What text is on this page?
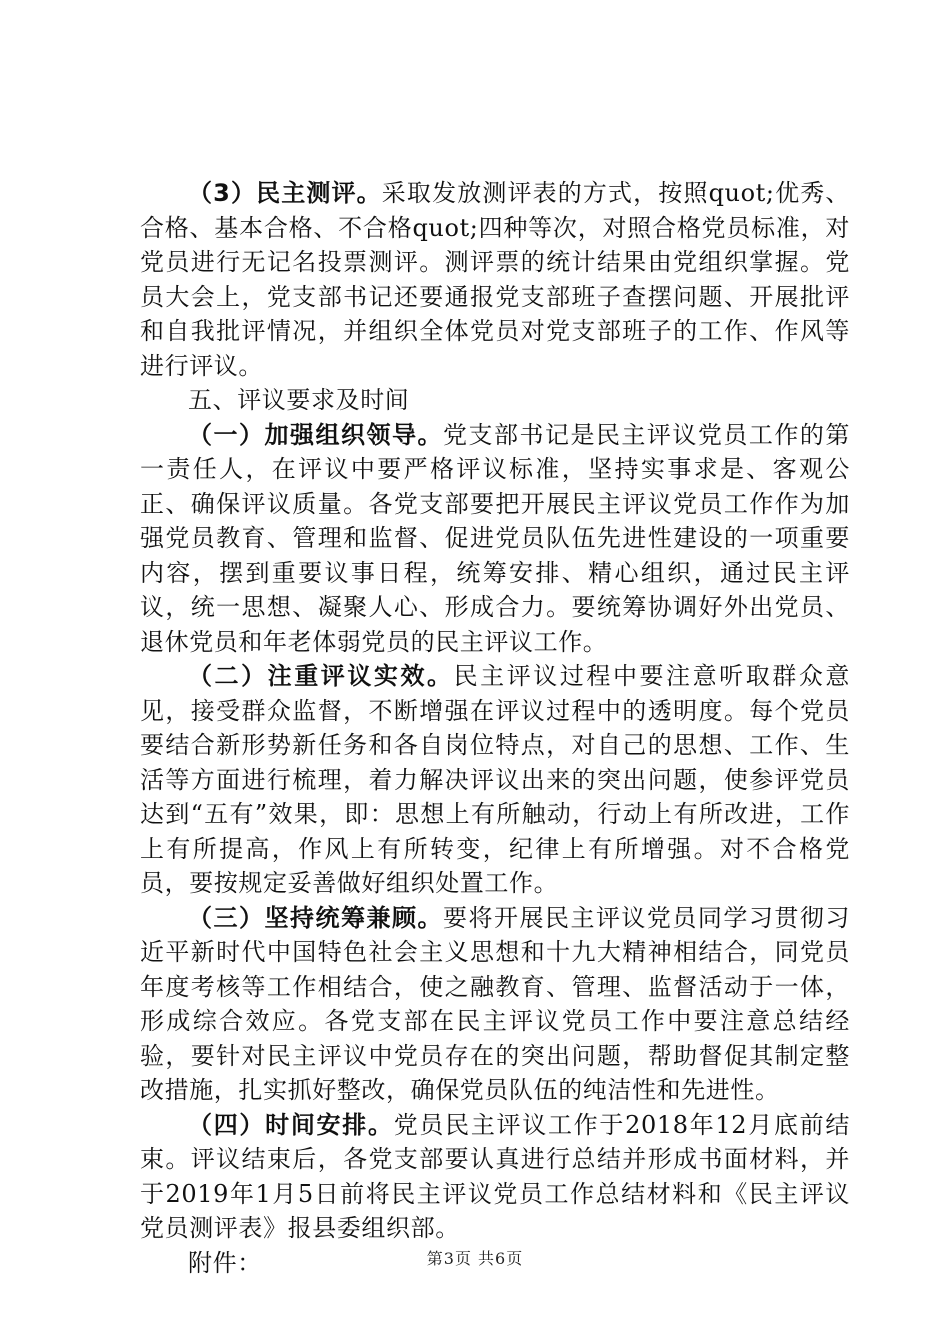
（3）民主测评。采取发放测评表的方式，按照quot;优秀、合格、基本合格、不合格quot;四种等次，对照合格党员标准，对党员进行无记名投票测评。测评票的统计结果由党组织掌握。党员大会上，党支部书记还要通报党支部班子查摆问题、开展批评和自我批评情况，并组织全体党员对党支部班子的工作、作风等进行评议。

五、评议要求及时间

（一）加强组织领导。党支部书记是民主评议党员工作的第一责任人，在评议中要严格评议标准，坚持实事求是、客观公正、确保评议质量。各党支部要把开展民主评议党员工作作为加强党员教育、管理和监督、促进党员队伍先进性建设的一项重要内容，摆到重要议事日程，统筹安排、精心组织，通过民主评议，统一思想、凝聚人心、形成合力。要统筹协调好外出党员、退休党员和年老体弱党员的民主评议工作。

（二）注重评议实效。民主评议过程中要注意听取群众意见，接受群众监督，不断增强在评议过程中的透明度。每个党员要结合新形势新任务和各自岗位特点，对自己的思想、工作、生活等方面进行梳理，着力解决评议出来的突出问题，使参评党员达到“五有”效果，即：思想上有所触动，行动上有所改进，工作上有所提高，作风上有所转变，纪律上有所增强。对不合格党员，要按规定妥善做好组织处置工作。

（三）坚持统筹兼顾。要将开展民主评议党员同学习贯彻习近平新时代中国特色社会主义思想和十九大精神相结合，同党员年度考核等工作相结合，使之融教育、管理、监督活动于一体，形成综合效应。各党支部在民主评议党员工作中要注意总结经验，要针对民主评议中党员存在的突出问题，帮助督促其制定整改措施，扎实抓好整改，确保党员队伍的纯洁性和先进性。

（四）时间安排。党员民主评议工作于2018年12月底前结束。评议结束后，各党支部要认真进行总结并形成书面材料，并于2019年1月5日前将民主评议党员工作总结材料和《民主评议党员测评表》报县委组织部。

附件：	第3页 共6页
